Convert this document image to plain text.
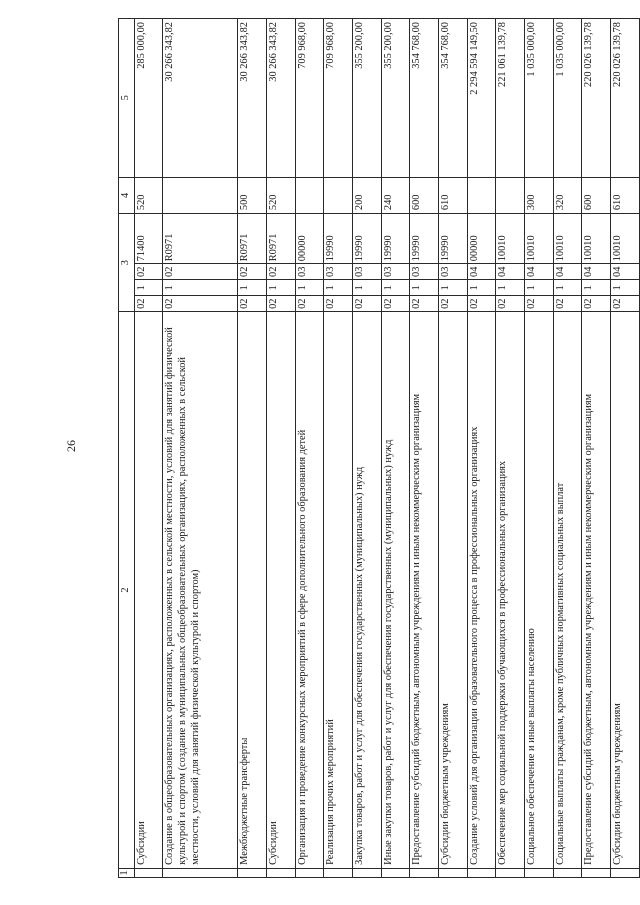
26
1	2	3				4	5
	Субсидии	02	1	02	71400	520	285 000,00
	Создание в общеобразовательных организациях, расположенных в сельской местности, условий для занятий физической культурой и спортом (создание в муниципальных общеобразовательных организациях, расположенных в сельской местности, условий для занятий физической культурой и спортом)	02	1	02	R0971		30 266 343,82
	Межбюджетные трансферты	02	1	02	R0971	500	30 266 343,82
	Субсидии	02	1	02	R0971	520	30 266 343,82
	Организация и проведение конкурсных мероприятий в сфере дополнительного образования детей	02	1	03	00000		709 968,00
	Реализация прочих мероприятий	02	1	03	19990		709 968,00
	Закупка товаров, работ и услуг для обеспечения государственных (муниципальных) нужд	02	1	03	19990	200	355 200,00
	Иные закупки товаров, работ и услуг для обеспечения государственных (муниципальных) нужд	02	1	03	19990	240	355 200,00
	Предоставление субсидий бюджетным, автономным учреждениям и иным некоммерческим организациям	02	1	03	19990	600	354 768,00
	Субсидии бюджетным учреждениям	02	1	03	19990	610	354 768,00
	Создание условий для организации образовательного процесса в профессиональных организациях	02	1	04	00000		2 294 594 149,50
	Обеспечение мер социальной поддержки обучающихся в профессиональных организациях	02	1	04	10010		221 061 139,78
	Социальное обеспечение и иные выплаты населению	02	1	04	10010	300	1 035 000,00
	Социальные выплаты гражданам, кроме публичных нормативных социальных выплат	02	1	04	10010	320	1 035 000,00
	Предоставление субсидий бюджетным, автономным учреждениям и иным некоммерческим организациям	02	1	04	10010	600	220 026 139,78
	Субсидии бюджетным учреждениям	02	1	04	10010	610	220 026 139,78
